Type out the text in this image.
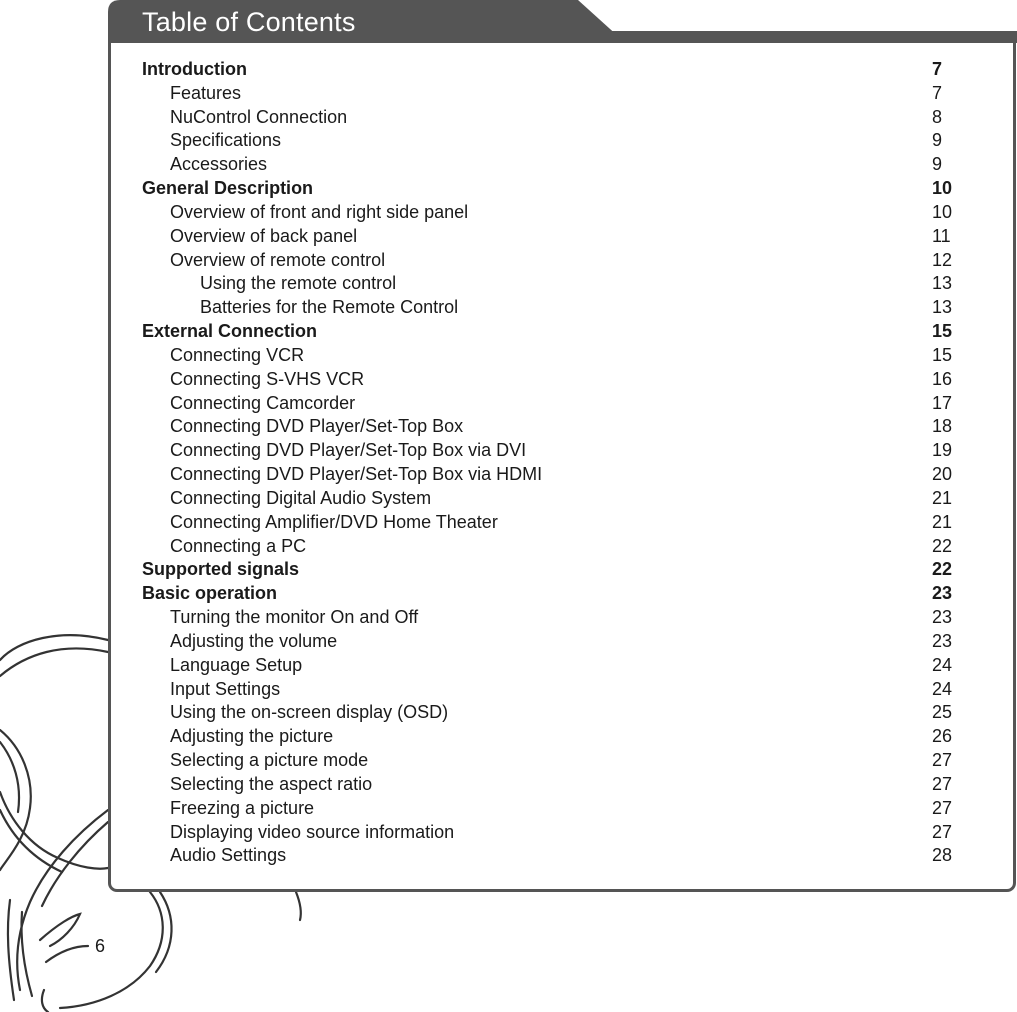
Table of Contents
Introduction	7
Features	7
NuControl Connection	8
Specifications	9
Accessories	9
General Description	10
Overview of front and right side panel	10
Overview of back panel	11
Overview of remote control	12
Using the remote control	13
Batteries for the Remote Control	13
External Connection	15
Connecting VCR	15
Connecting S-VHS VCR	16
Connecting Camcorder	17
Connecting DVD Player/Set-Top Box	18
Connecting DVD Player/Set-Top Box via DVI	19
Connecting DVD Player/Set-Top Box via HDMI	20
Connecting Digital Audio System	21
Connecting Amplifier/DVD Home Theater	21
Connecting a PC	22
Supported signals	22
Basic operation	23
Turning the monitor On and Off	23
Adjusting the volume	23
Language Setup	24
Input Settings	24
Using the on-screen display (OSD)	25
Adjusting the picture	26
Selecting a picture mode	27
Selecting the aspect ratio	27
Freezing a picture	27
Displaying video source information	27
Audio Settings	28
6
